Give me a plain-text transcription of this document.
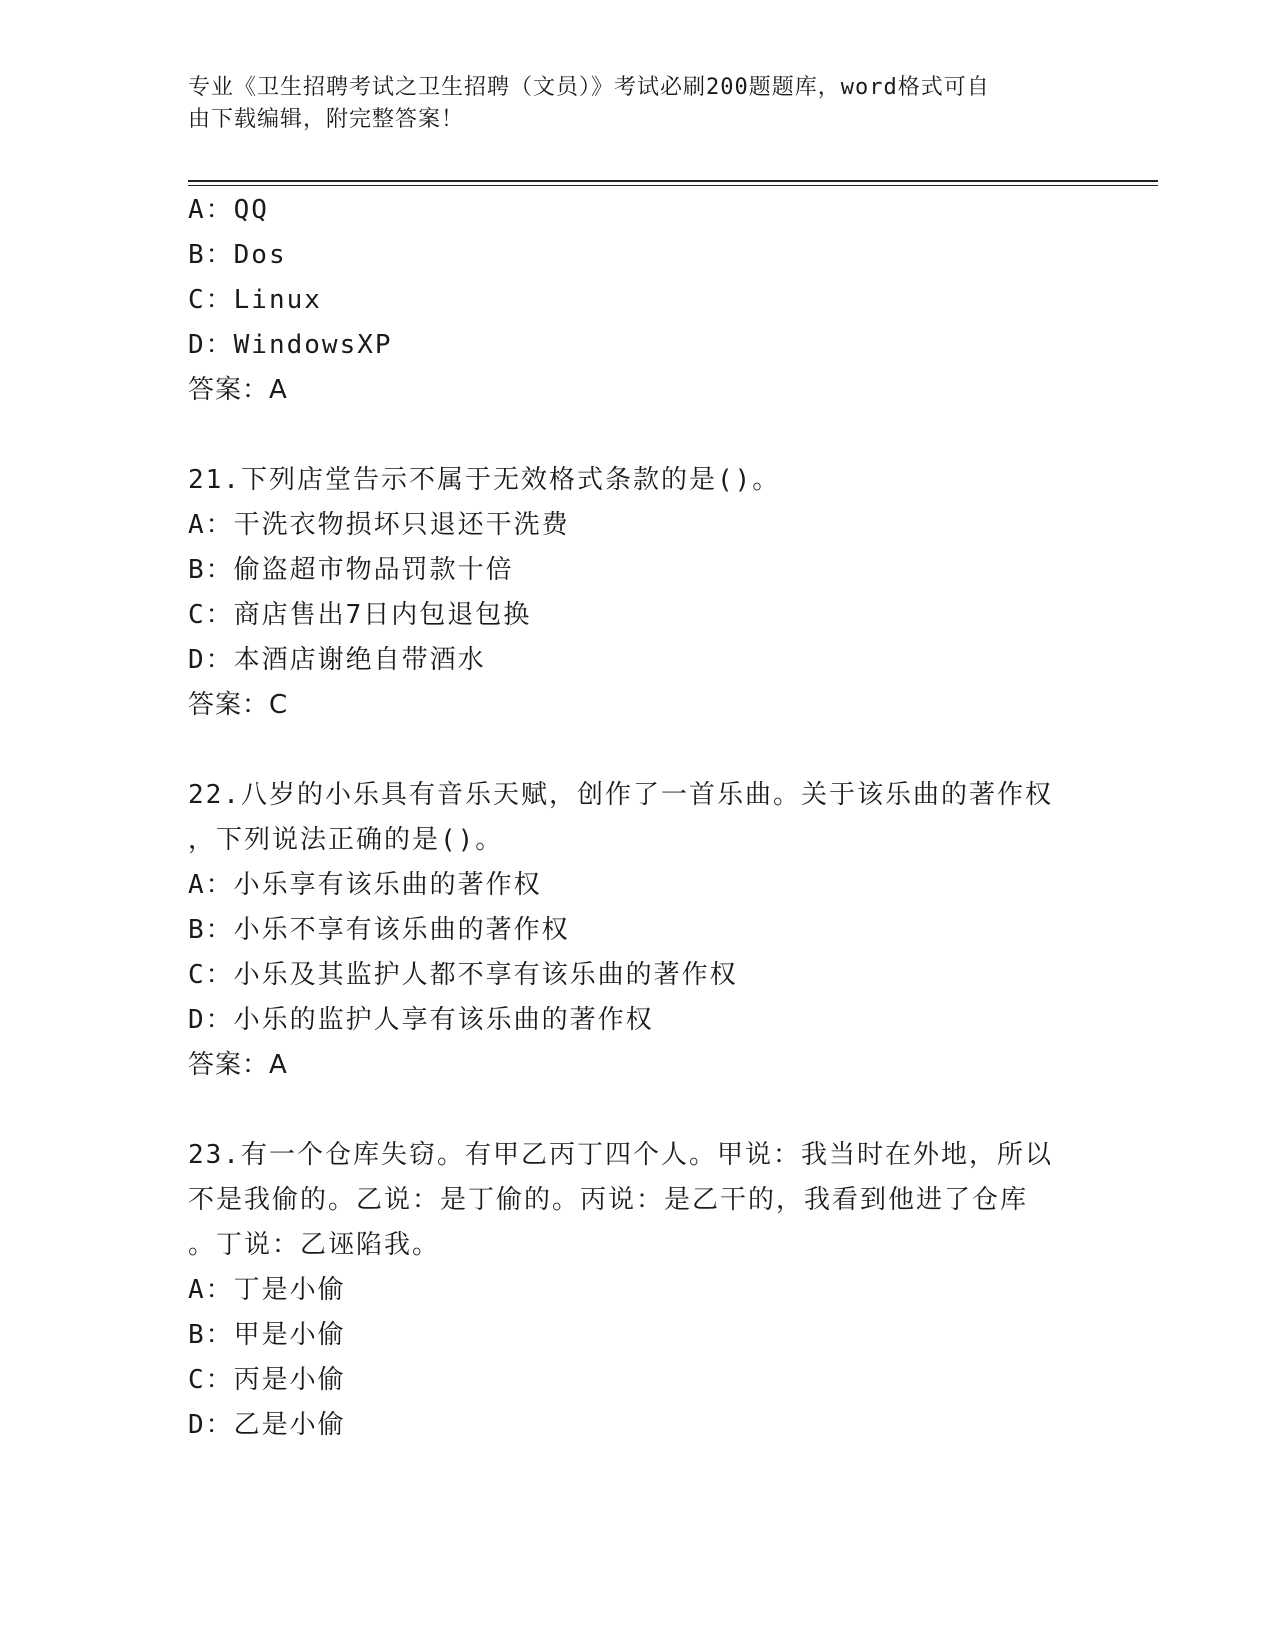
专业《卫生招聘考试之卫生招聘（文员）》考试必刷200题题库，word格式可自
由下载编辑，附完整答案！
A：QQ
B：Dos
C：Linux
D：WindowsXP
答案：A
21.下列店堂告示不属于无效格式条款的是()。
A：干洗衣物损坏只退还干洗费
B：偷盗超市物品罚款十倍
C：商店售出7日内包退包换
D：本酒店谢绝自带酒水
答案：C
22.八岁的小乐具有音乐天赋，创作了一首乐曲。关于该乐曲的著作权
，下列说法正确的是()。
A：小乐享有该乐曲的著作权
B：小乐不享有该乐曲的著作权
C：小乐及其监护人都不享有该乐曲的著作权
D：小乐的监护人享有该乐曲的著作权
答案：A
23.有一个仓库失窃。有甲乙丙丁四个人。甲说：我当时在外地，所以
不是我偷的。乙说：是丁偷的。丙说：是乙干的，我看到他进了仓库
。丁说：乙诬陷我。
A：丁是小偷
B：甲是小偷
C：丙是小偷
D：乙是小偷
